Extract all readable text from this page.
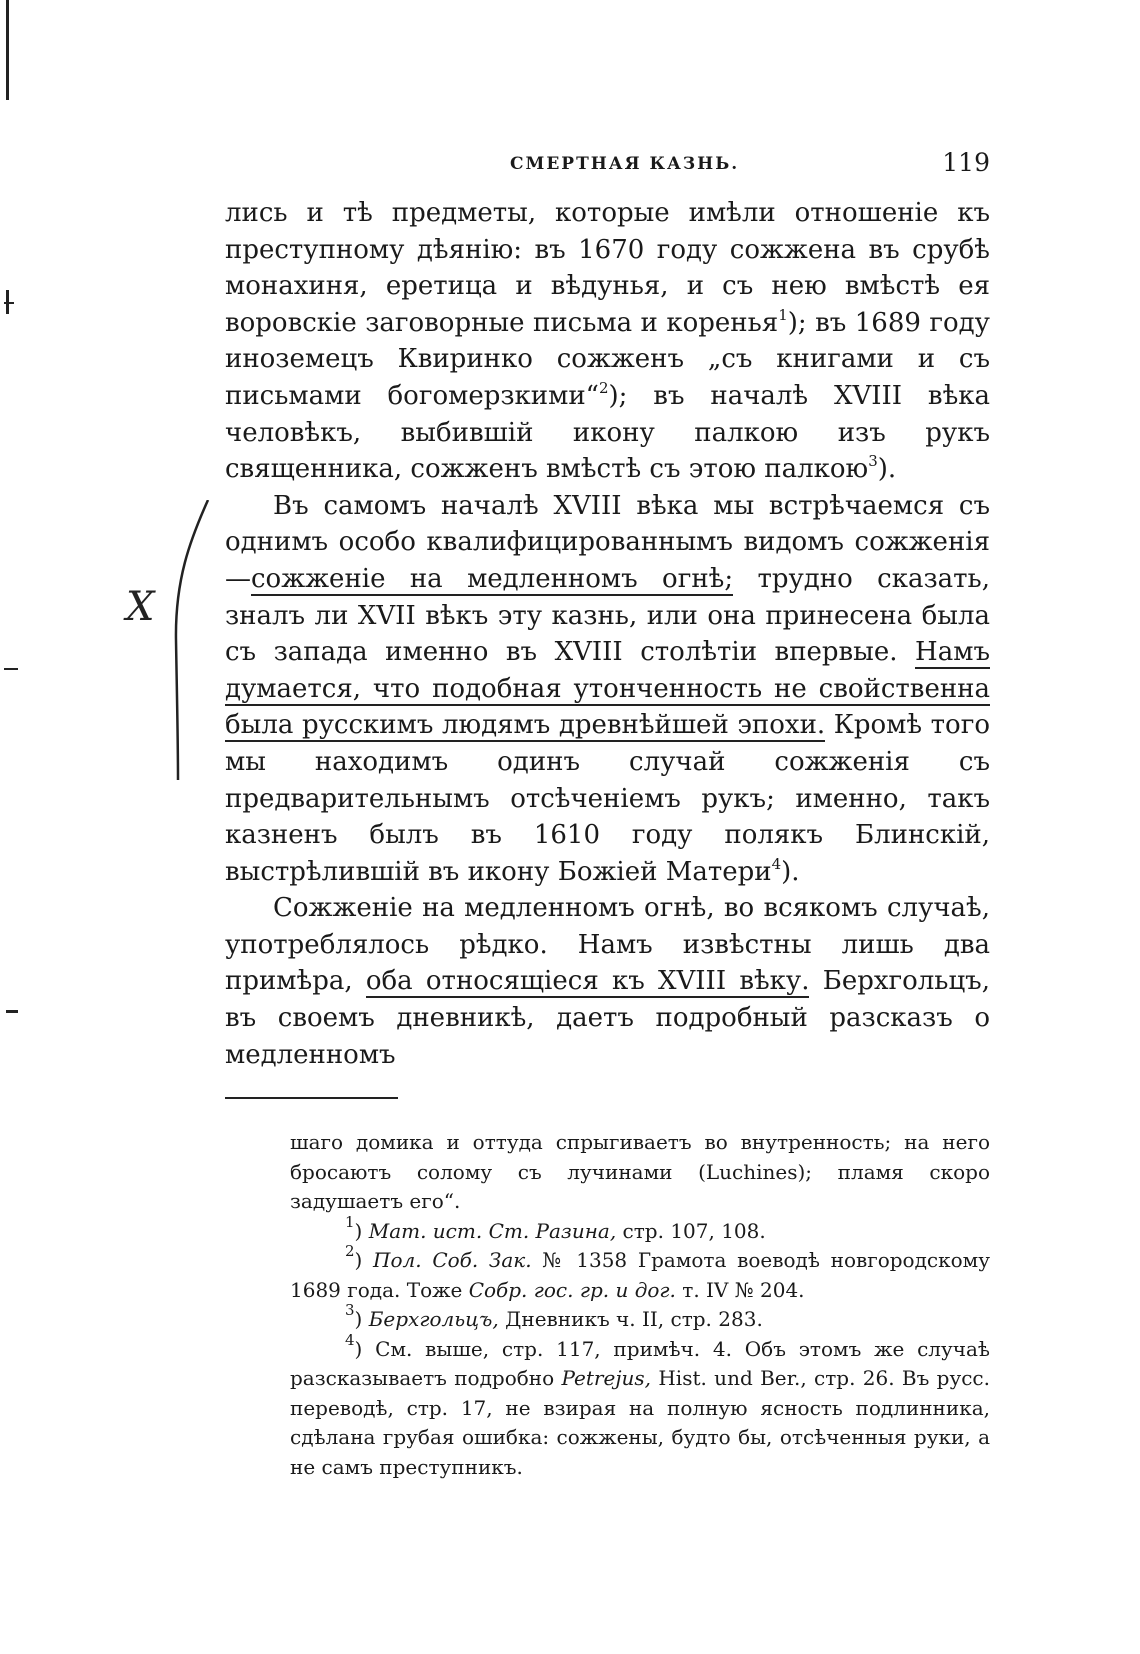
СМЕРТНАЯ КАЗНЬ.	119

лись и тѣ предметы, которые имѣли отношеніе къ преступному дѣянію: въ 1670 году сожжена въ срубѣ монахиня, еретица и вѣдунья, и съ нею вмѣстѣ ея воровскіе заговорные письма и коренья$^1$); въ 1689 году иноземецъ Квиринко сожженъ „съ книгами и съ письмами богомерзкими“$^2$); въ началѣ XVIII вѣка человѣкъ, выбившій икону палкою изъ рукъ священника, сожженъ вмѣстѣ съ этою палкою$^3$).

Въ самомъ началѣ XVIII вѣка мы встрѣчаемся съ однимъ особо квалифицированнымъ видомъ сожженія—сожженіе на медленномъ огнѣ; трудно сказать, зналъ ли XVII вѣкъ эту казнь, или она принесена была съ запада именно въ XVIII столѣтіи впервые. Намъ думается, что подобная утонченность не свойственна была русскимъ людямъ древнѣйшей эпохи. Кромѣ того мы находимъ одинъ случай сожженія съ предварительнымъ отсѣченіемъ рукъ; именно, такъ казненъ былъ въ 1610 году полякъ Блинскій, выстрѣлившій въ икону Божіей Матери$^4$).

Сожженіе на медленномъ огнѣ, во всякомъ случаѣ, употреблялось рѣдко. Намъ извѣстны лишь два примѣра, оба относящіеся къ XVIII вѣку. Берхгольцъ, въ своемъ дневникѣ, даетъ подробный разсказъ о медленномъ

X

шаго домика и оттуда спрыгиваетъ во внутренность; на него бросаютъ солому съ лучинами (Luchines); пламя скоро задушаетъ его“.

$^1$) Мат. ист. Ст. Разина, стр. 107, 108.

$^2$) Пол. Соб. Зак. № 1358 Грамота воеводѣ новгородскому 1689 года. Тоже Собр. гос. гр. и дог. т. IV № 204.

$^3$) Берхгольцъ, Дневникъ ч. II, стр. 283.

$^4$) См. выше, стр. 117, примѣч. 4. Объ этомъ же случаѣ разсказываетъ подробно Petrejus, Hist. und Ber., стр. 26. Въ русс. переводѣ, стр. 17, не взирая на полную ясность подлинника, сдѣлана грубая ошибка: сожжены, будто бы, отсѣченныя руки, а не самъ преступникъ.
